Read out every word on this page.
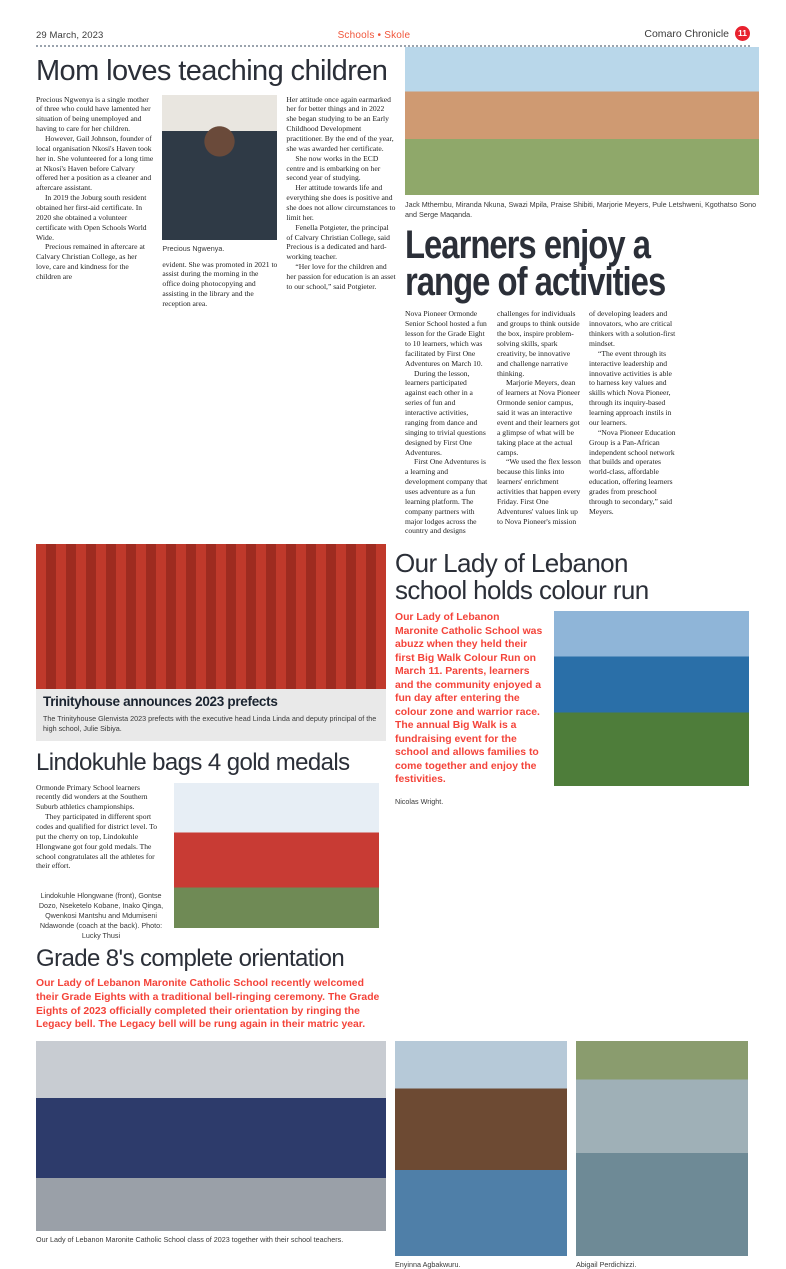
29 March, 2023	Schools • Skole	Comaro Chronicle	11
Mom loves teaching children

Precious Ngwenya is a single mother of three who could have lamented her situation of being unemployed and having to care for her children.

However, Gail Johnson, founder of local organisation Nkosi's Haven took her in. She volunteered for a long time at Nkosi's Haven before Calvary offered her a position as a cleaner and aftercare assistant.

In 2019 the Joburg south resident obtained her first-aid certificate. In 2020 she obtained a volunteer certificate with Open Schools World Wide.

Precious remained in aftercare at Calvary Christian College, as her love, care and kindness for the children are

Precious Ngwenya.

evident. She was promoted in 2021 to assist during the morning in the office doing photocopying and assisting in the library and the reception area.

Her attitude once again earmarked her for better things and in 2022 she began studying to be an Early Childhood Development practitioner. By the end of the year, she was awarded her certificate.

She now works in the ECD centre and is embarking on her second year of studying.

Her attitude towards life and everything she does is positive and she does not allow circumstances to limit her.

Fenella Potgieter, the principal of Calvary Christian College, said Precious is a dedicated and hard-working teacher.

“Her love for the children and her passion for education is an asset to our school,” said Potgieter.

Jack Mthembu, Miranda Nkuna, Swazi Mpila, Praise Shibiti, Marjorie Meyers, Pule Letshweni, Kgothatso Sono and Serge Maqanda.
Learners enjoy a
range of activities

Nova Pioneer Ormonde Senior School hosted a fun lesson for the Grade Eight to 10 learners, which was facilitated by First One Adventures on March 10.

During the lesson, learners participated against each other in a series of fun and interactive activities, ranging from dance and singing to trivial questions designed by First One Adventures.

First One Adventures is a learning and development company that uses adventure as a fun learning platform. The company partners with major lodges across the country and designs

challenges for individuals and groups to think outside the box, inspire problem-solving skills, spark creativity, be innovative and challenge narrative thinking.

Marjorie Meyers, dean of learners at Nova Pioneer Ormonde senior campus, said it was an interactive event and their learners got a glimpse of what will be taking place at the actual camps.

“We used the flex lesson because this links into learners' enrichment activities that happen every Friday. First One Adventures' values link up to Nova Pioneer's mission

of developing leaders and innovators, who are critical thinkers with a solution-first mindset.

“The event through its interactive leadership and innovative activities is able to harness key values and skills which Nova Pioneer, through its inquiry-based learning approach instils in our learners.

“Nova Pioneer Education Group is a Pan-African independent school network that builds and operates world-class, affordable education, offering learners grades from preschool through to secondary,” said Meyers.

Trinityhouse announces 2023 prefects
The Trinityhouse Glenvista 2023 prefects with the executive head Linda Linda and deputy principal of the high school, Julie Sibiya.
Lindokuhle bags 4 gold medals

Ormonde Primary School learners recently did wonders at the Southern Suburb athletics championships.

They participated in different sport codes and qualified for district level. To put the cherry on top, Lindokuhle Hlongwane got four gold medals. The school congratulates all the athletes for their effort.

Lindokuhle Hlongwane (front), Gontse Dozo, Nseketelo Kobane, Inako Qinga, Qwenkosi Mantshu and Mdumiseni Ndawonde (coach at the back). Photo: Lucky Thusi
Grade 8's complete orientation
Our Lady of Lebanon Maronite Catholic School recently welcomed their Grade Eights with a traditional bell-ringing ceremony. The Grade Eights of 2023 officially completed their orientation by ringing the Legacy bell. The Legacy bell will be rung again in their matric year.
Our Lady of Lebanon
school holds colour run
Our Lady of Lebanon Maronite Catholic School was abuzz when they held their first Big Walk Colour Run on March 11. Parents, learners and the community enjoyed a fun day after entering the colour zone and warrior race. The annual Big Walk is a fundraising event for the school and allows families to come together and enjoy the festivities.
Nicolas Wright.
Our Lady of Lebanon Maronite Catholic School class of 2023 together with their school teachers.
Enyinna Agbakwuru.	Abigail Perdichizzi.
